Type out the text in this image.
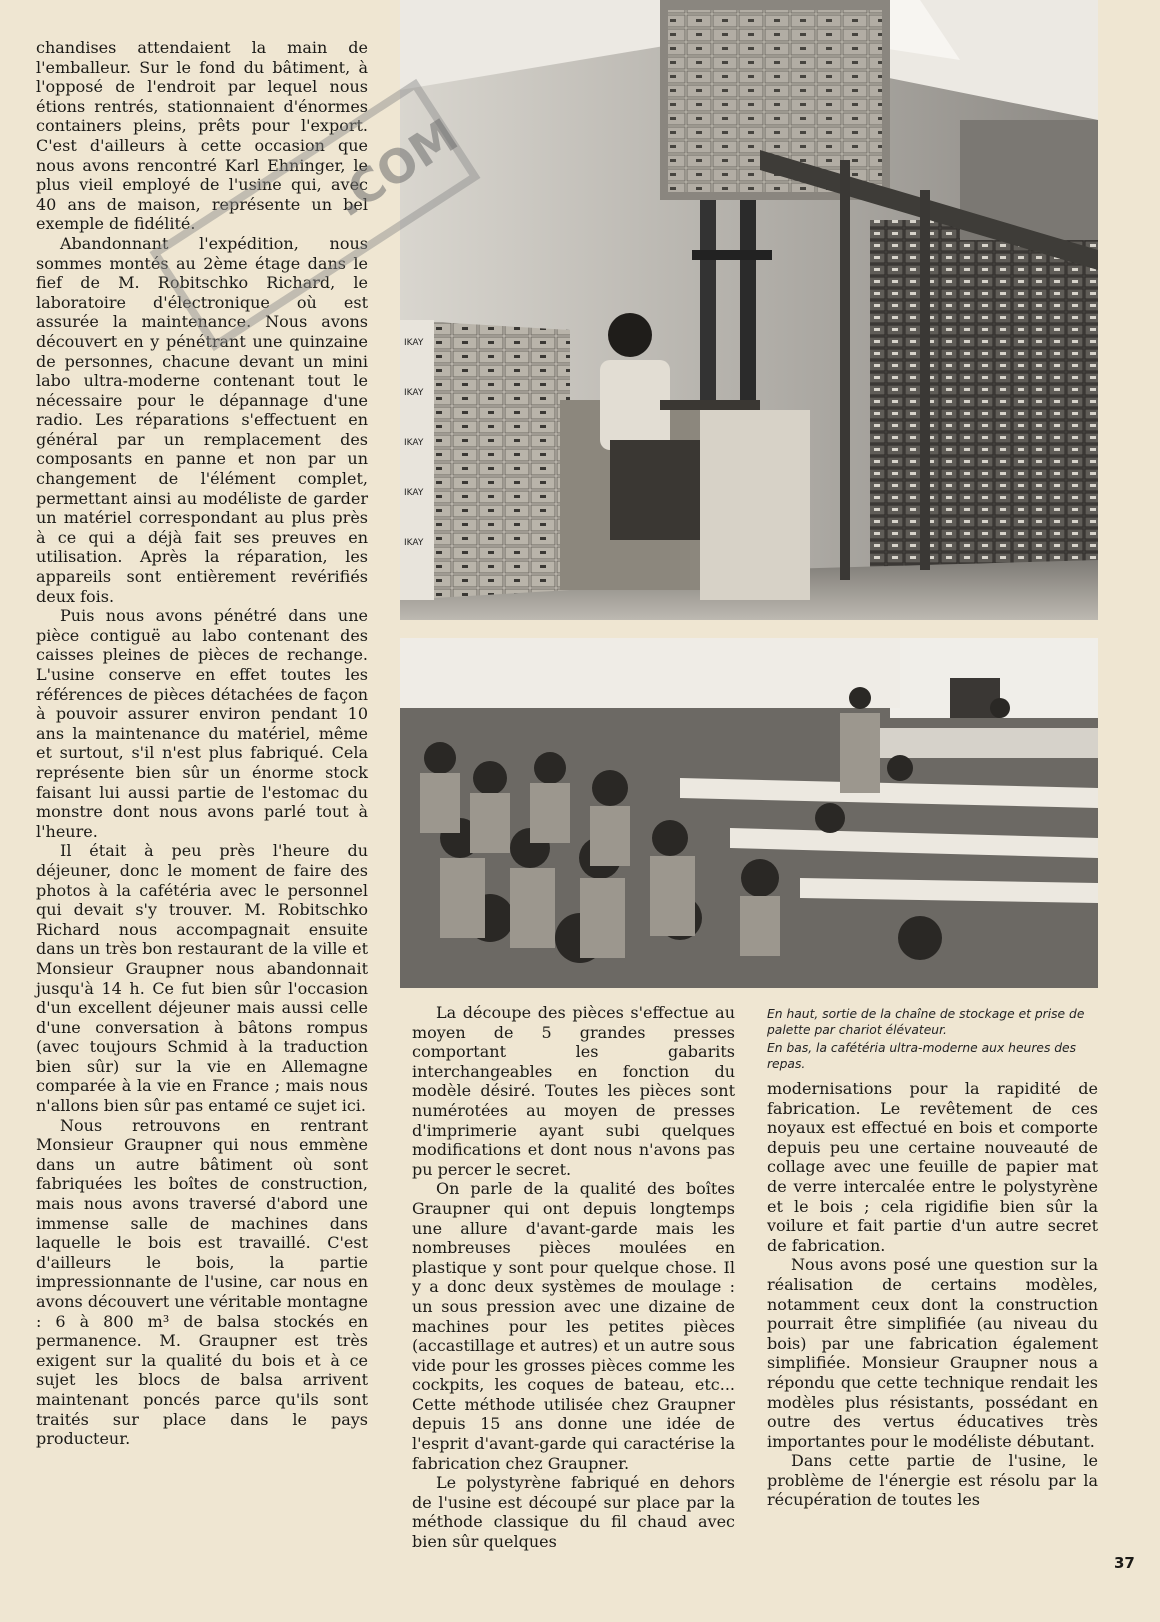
chandises attendaient la main de l'emballeur. Sur le fond du bâtiment, à l'opposé de l'endroit par lequel nous étions rentrés, stationnaient d'énormes containers pleins, prêts pour l'export. C'est d'ailleurs à cette occasion que nous avons rencontré Karl Ehninger, le plus vieil employé de l'usine qui, avec 40 ans de maison, représente un bel exemple de fidélité.

Abandonnant l'expédition, nous sommes montés au 2ème étage dans le fief de M. Robitschko Richard, le laboratoire d'électronique où est assurée la maintenance. Nous avons découvert en y pénétrant une quinzaine de personnes, chacune devant un mini labo ultra-moderne contenant tout le nécessaire pour le dépannage d'une radio. Les réparations s'effectuent en général par un remplacement des composants en panne et non par un changement de l'élément complet, permettant ainsi au modéliste de garder un matériel correspondant au plus près à ce qui a déjà fait ses preuves en utilisation. Après la réparation, les appareils sont entièrement revérifiés deux fois.

Puis nous avons pénétré dans une pièce contiguë au labo contenant des caisses pleines de pièces de rechange. L'usine conserve en effet toutes les références de pièces détachées de façon à pouvoir assurer environ pendant 10 ans la maintenance du matériel, même et surtout, s'il n'est plus fabriqué. Cela représente bien sûr un énorme stock faisant lui aussi partie de l'estomac du monstre dont nous avons parlé tout à l'heure.

Il était à peu près l'heure du déjeuner, donc le moment de faire des photos à la cafétéria avec le personnel qui devait s'y trouver. M. Robitschko Richard nous accompagnait ensuite dans un très bon restaurant de la ville et Monsieur Graupner nous abandonnait jusqu'à 14 h. Ce fut bien sûr l'occasion d'un excellent déjeuner mais aussi celle d'une conversation à bâtons rompus (avec toujours Schmid à la traduction bien sûr) sur la vie en Allemagne comparée à la vie en France ; mais nous n'allons bien sûr pas entamé ce sujet ici.

Nous retrouvons en rentrant Monsieur Graupner qui nous emmène dans un autre bâtiment où sont fabriquées les boîtes de construction, mais nous avons traversé d'abord une immense salle de machines dans laquelle le bois est travaillé. C'est d'ailleurs le bois, la partie impressionnante de l'usine, car nous en avons découvert une véritable montagne : 6 à 800 m³ de balsa stockés en permanence. M. Graupner est très exigent sur la qualité du bois et à ce sujet les blocs de balsa arrivent maintenant poncés parce qu'ils sont traités sur place dans le pays producteur.

IKAY
IKAY
IKAY
IKAY
IKAY
.COM
En haut, sortie de la chaîne de stockage et prise de palette par chariot élévateur.
En bas, la cafétéria ultra-moderne aux heures des repas.

La découpe des pièces s'effectue au moyen de 5 grandes presses comportant les gabarits interchangeables en fonction du modèle désiré. Toutes les pièces sont numérotées au moyen de presses d'imprimerie ayant subi quelques modifications et dont nous n'avons pas pu percer le secret.

On parle de la qualité des boîtes Graupner qui ont depuis longtemps une allure d'avant-garde mais les nombreuses pièces moulées en plastique y sont pour quelque chose. Il y a donc deux systèmes de moulage : un sous pression avec une dizaine de machines pour les petites pièces (accastillage et autres) et un autre sous vide pour les grosses pièces comme les cockpits, les coques de bateau, etc... Cette méthode utilisée chez Graupner depuis 15 ans donne une idée de l'esprit d'avant-garde qui caractérise la fabrication chez Graupner.

Le polystyrène fabriqué en dehors de l'usine est découpé sur place par la méthode classique du fil chaud avec bien sûr quelques

modernisations pour la rapidité de fabrication. Le revêtement de ces noyaux est effectué en bois et comporte depuis peu une certaine nouveauté de collage avec une feuille de papier mat de verre intercalée entre le polystyrène et le bois ; cela rigidifie bien sûr la voilure et fait partie d'un autre secret de fabrication.

Nous avons posé une question sur la réalisation de certains modèles, notamment ceux dont la construction pourrait être simplifiée (au niveau du bois) par une fabrication également simplifiée. Monsieur Graupner nous a répondu que cette technique rendait les modèles plus résistants, possédant en outre des vertus éducatives très importantes pour le modéliste débutant.

Dans cette partie de l'usine, le problème de l'énergie est résolu par la récupération de toutes les

37
